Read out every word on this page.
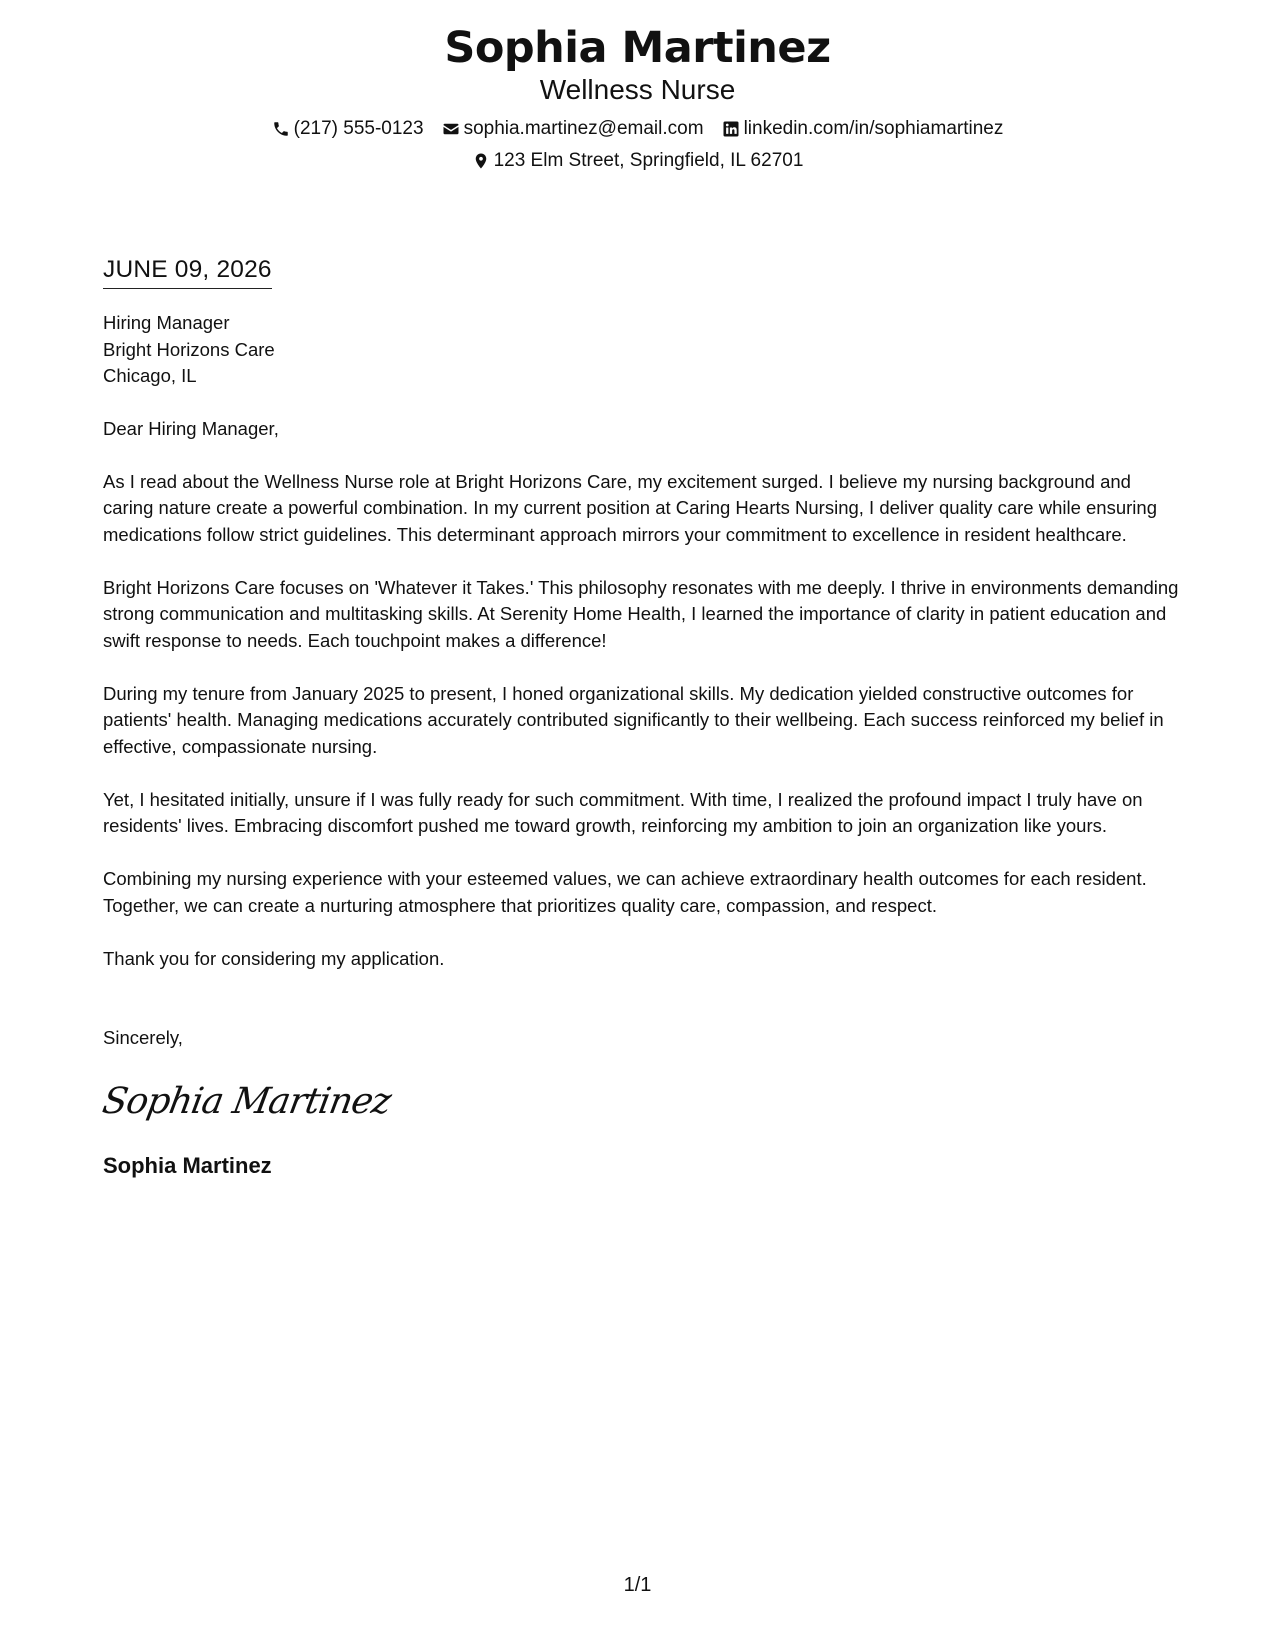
Sophia Martinez
Wellness Nurse
(217) 555-0123 sophia.martinez@email.com linkedin.com/in/sophiamartinez
123 Elm Street, Springfield, IL 62701
JUNE 09, 2026
Hiring Manager
Bright Horizons Care
Chicago, IL

Dear Hiring Manager,

As I read about the Wellness Nurse role at Bright Horizons Care, my excitement surged. I believe my nursing background and caring nature create a powerful combination. In my current position at Caring Hearts Nursing, I deliver quality care while ensuring medications follow strict guidelines. This determinant approach mirrors your commitment to excellence in resident healthcare.

Bright Horizons Care focuses on 'Whatever it Takes.' This philosophy resonates with me deeply. I thrive in environments demanding strong communication and multitasking skills. At Serenity Home Health, I learned the importance of clarity in patient education and swift response to needs. Each touchpoint makes a difference!

During my tenure from January 2025 to present, I honed organizational skills. My dedication yielded constructive outcomes for patients' health. Managing medications accurately contributed significantly to their wellbeing. Each success reinforced my belief in effective, compassionate nursing.

Yet, I hesitated initially, unsure if I was fully ready for such commitment. With time, I realized the profound impact I truly have on residents' lives. Embracing discomfort pushed me toward growth, reinforcing my ambition to join an organization like yours.

Combining my nursing experience with your esteemed values, we can achieve extraordinary health outcomes for each resident. Together, we can create a nurturing atmosphere that prioritizes quality care, compassion, and respect.

Thank you for considering my application.

Sincerely,
Sophia Martinez
Sophia Martinez
1/1
